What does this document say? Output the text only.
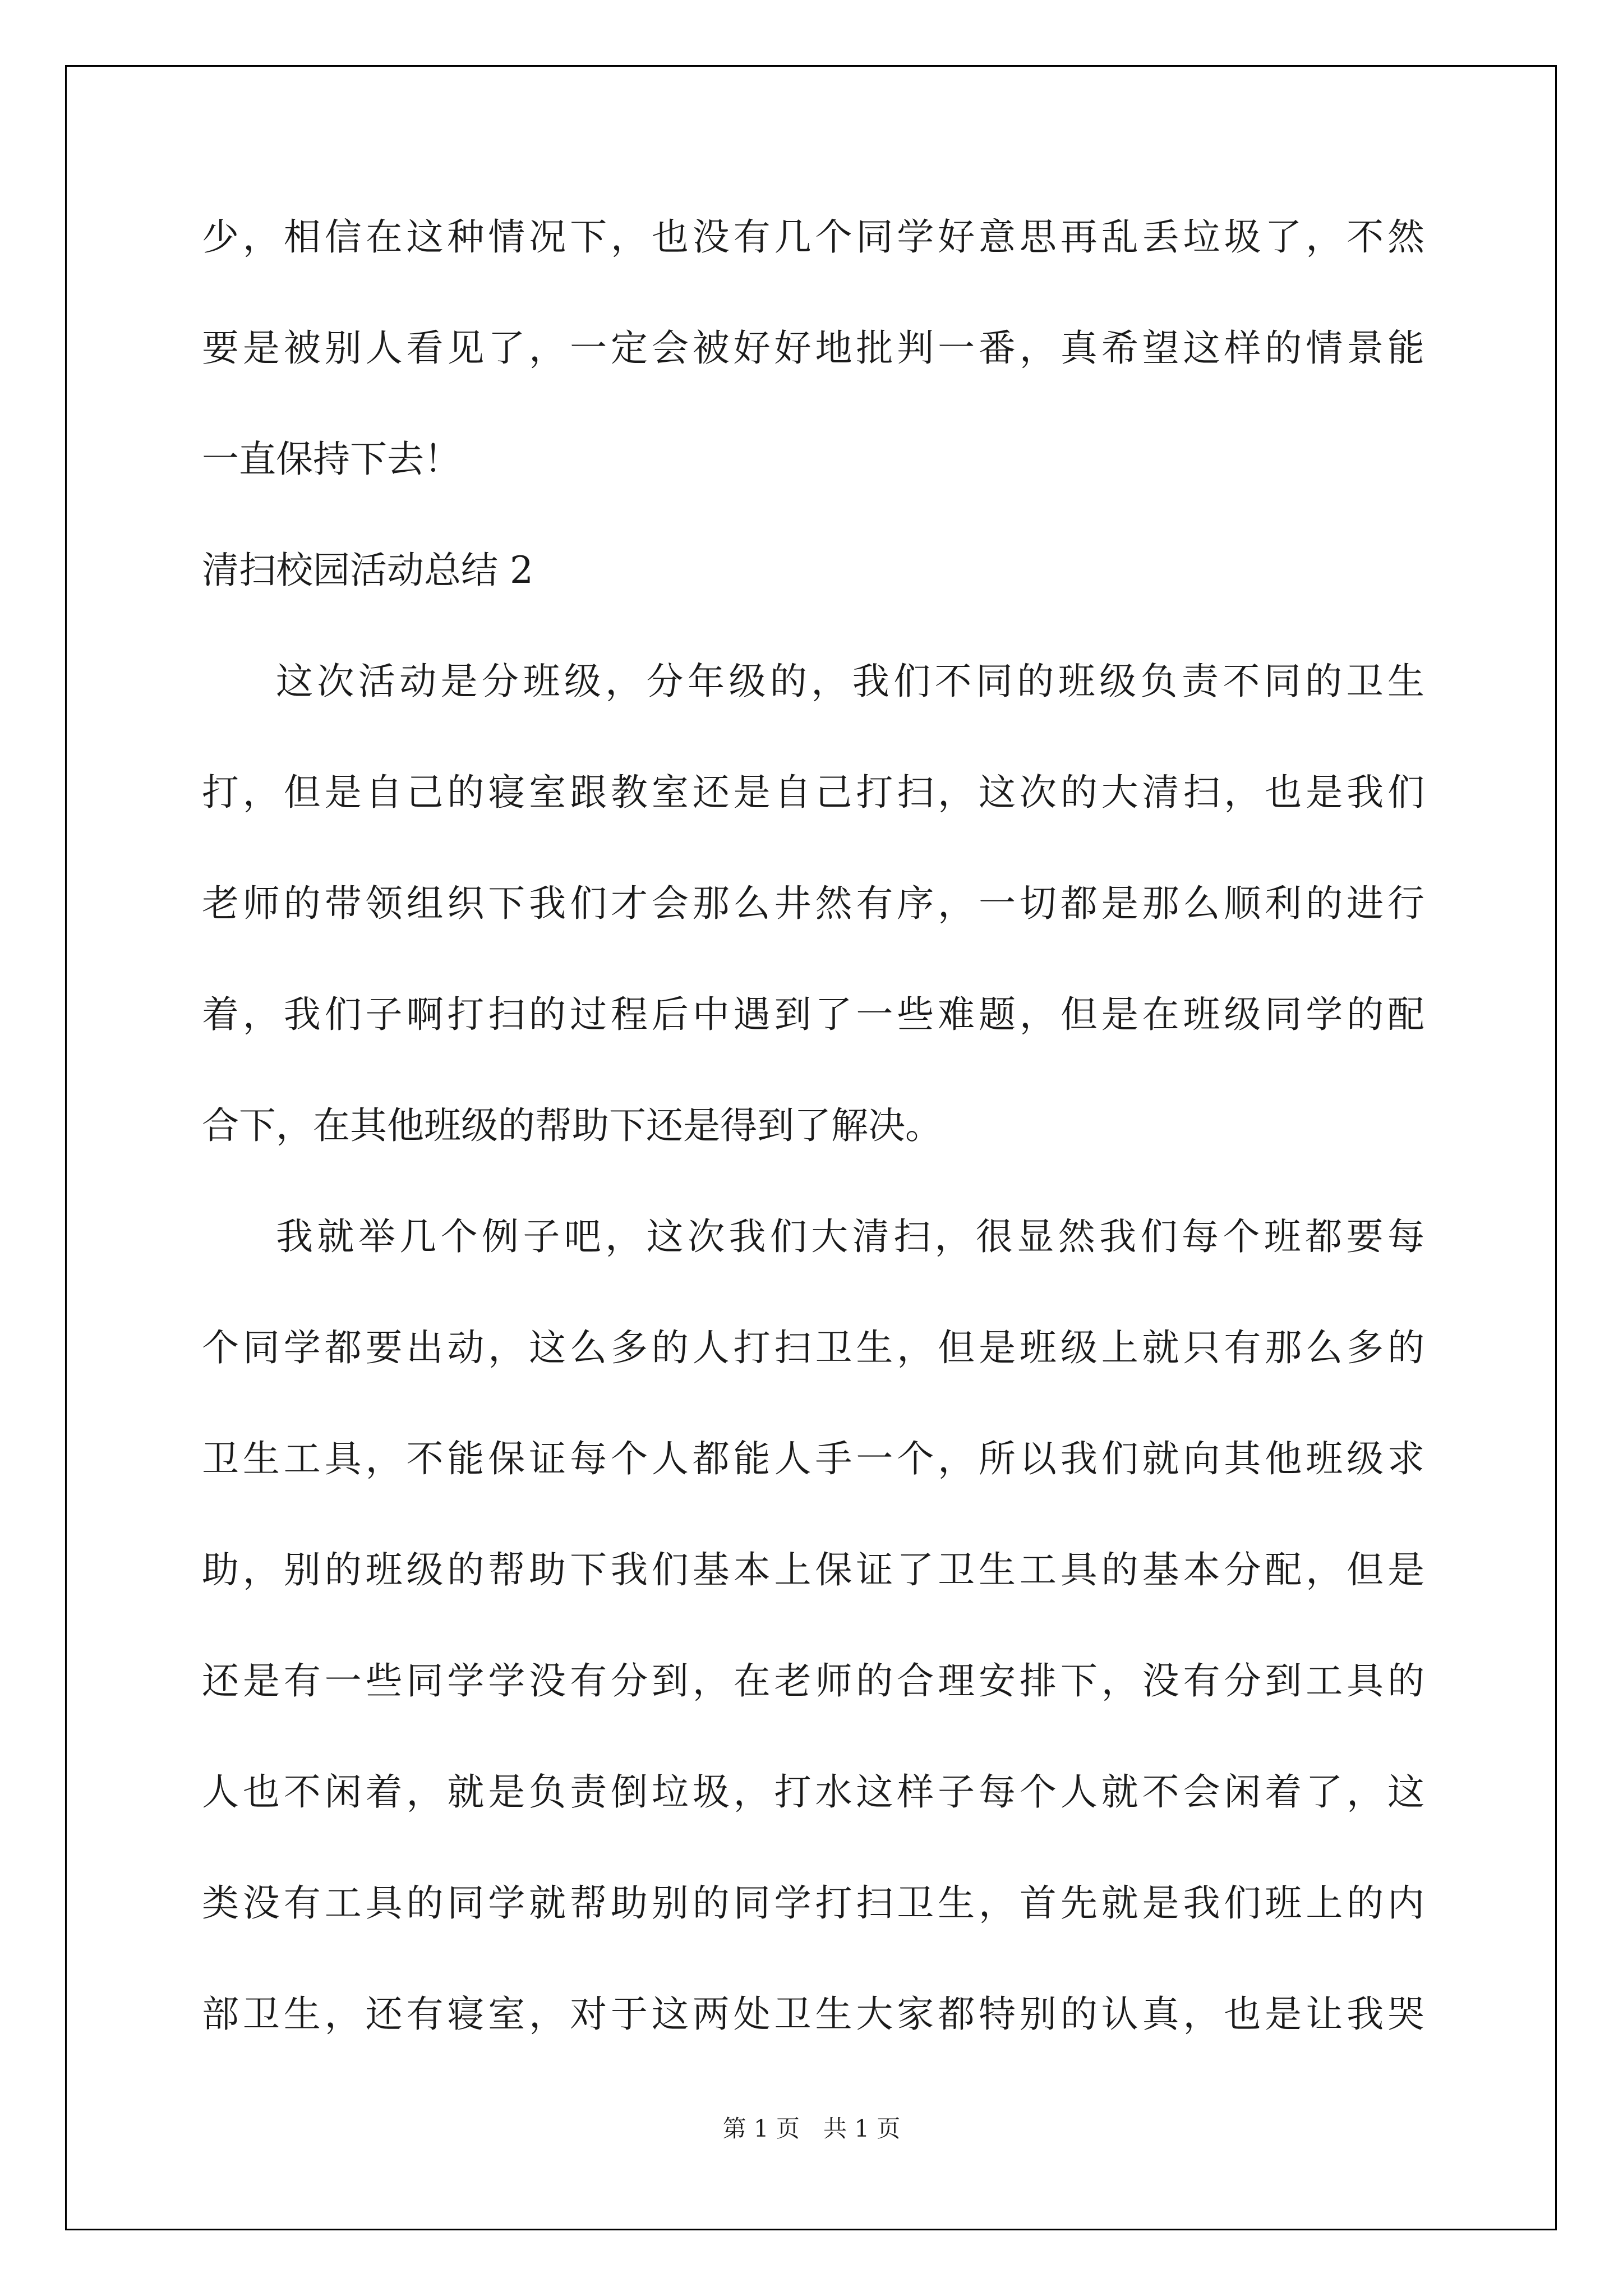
少，相信在这种情况下，也没有几个同学好意思再乱丢垃圾了，不然
要是被别人看见了，一定会被好好地批判一番，真希望这样的情景能
一直保持下去！
清扫校园活动总结 2
这次活动是分班级，分年级的，我们不同的班级负责不同的卫生
打，但是自己的寝室跟教室还是自己打扫，这次的大清扫，也是我们
老师的带领组织下我们才会那么井然有序，一切都是那么顺利的进行
着，我们子啊打扫的过程后中遇到了一些难题，但是在班级同学的配
合下，在其他班级的帮助下还是得到了解决。
我就举几个例子吧，这次我们大清扫，很显然我们每个班都要每
个同学都要出动，这么多的人打扫卫生，但是班级上就只有那么多的
卫生工具，不能保证每个人都能人手一个，所以我们就向其他班级求
助，别的班级的帮助下我们基本上保证了卫生工具的基本分配，但是
还是有一些同学学没有分到，在老师的合理安排下，没有分到工具的
人也不闲着，就是负责倒垃圾，打水这样子每个人就不会闲着了，这
类没有工具的同学就帮助别的同学打扫卫生，首先就是我们班上的内
部卫生，还有寝室，对于这两处卫生大家都特别的认真，也是让我哭
第 1 页　共 1 页
